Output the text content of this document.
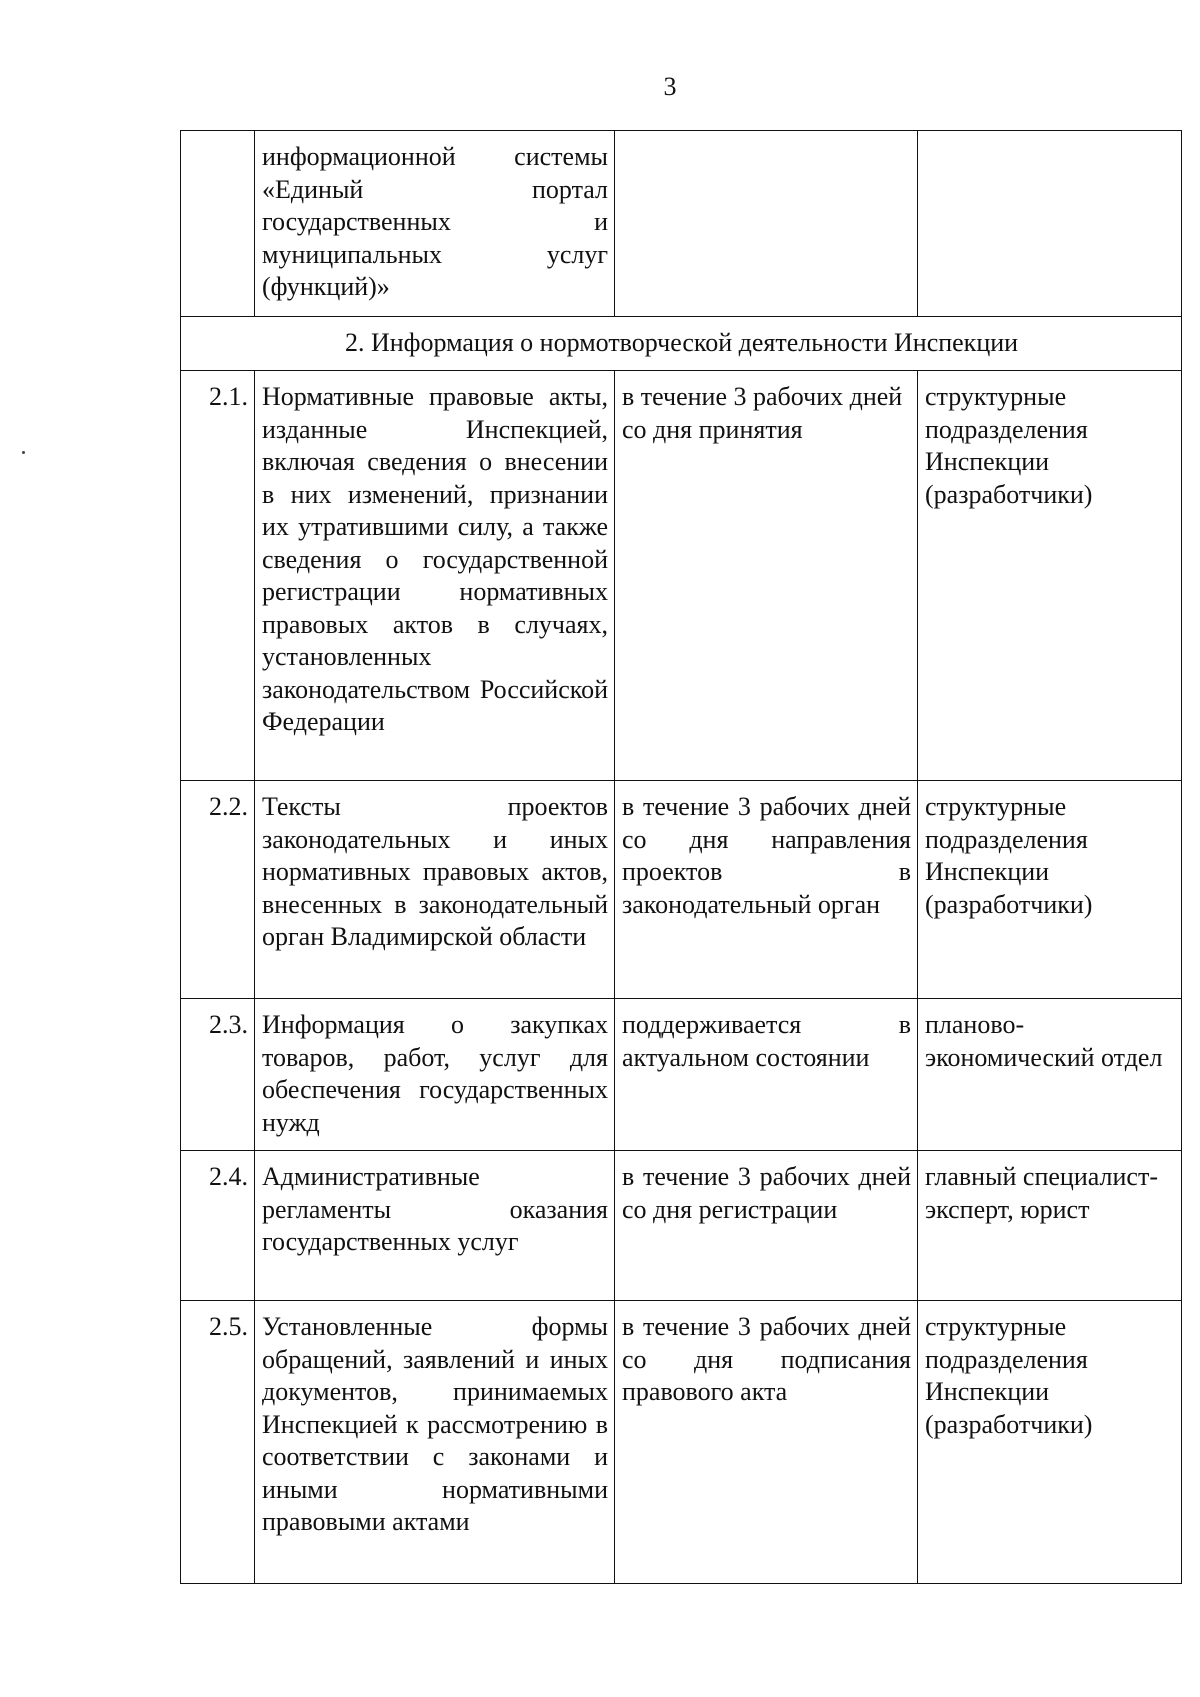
3
	информационной системы «Единый портал государственных и муниципальных услуг (функций)»		
2. Информация о нормотворческой деятельности Инспекции			
2.1.	Нормативные правовые акты, изданные Инспекцией, включая сведения о внесении в них изменений, признании их утратившими силу, а также сведения о государственной регистрации нормативных правовых актов в случаях, установленных законодательством Российской Федерации	в течение 3 рабочих дней со дня принятия	структурные подразделения Инспекции (разработчики)
2.2.	Тексты проектов законодательных и иных нормативных правовых актов, внесенных в законодательный орган Владимирской области	в течение 3 рабочих дней со дня направления проектов в законодательный орган	структурные подразделения Инспекции (разработчики)
2.3.	Информация о закупках товаров, работ, услуг для обеспечения государственных нужд	поддерживается в актуальном состоянии	планово-экономический отдел
2.4.	Административные регламенты оказания государственных услуг	в течение 3 рабочих дней со дня регистрации	главный специалист-эксперт, юрист
2.5.	Установленные формы обращений, заявлений и иных документов, принимаемых Инспекцией к рассмотрению в соответствии с законами и иными нормативными правовыми актами	в течение 3 рабочих дней со дня подписания правового акта	структурные подразделения Инспекции (разработчики)
